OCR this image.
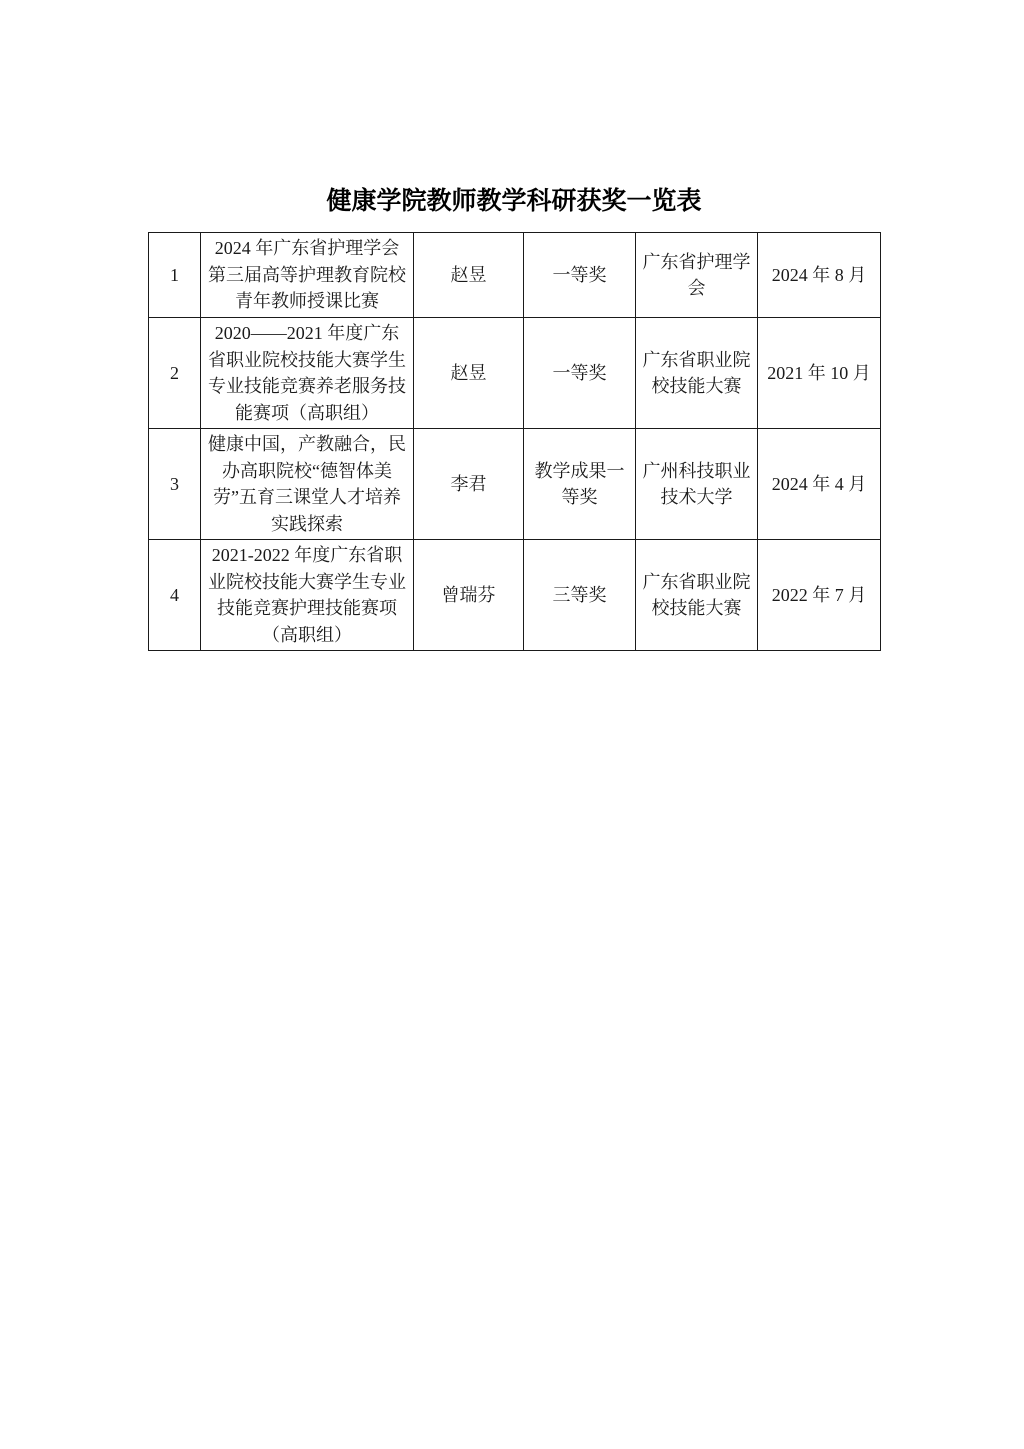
健康学院教师教学科研获奖一览表
1	2024 年广东省护理学会第三届高等护理教育院校青年教师授课比赛	赵昱	一等奖	广东省护理学会	2024 年 8 月
2	2020——2021 年度广东省职业院校技能大赛学生专业技能竞赛养老服务技能赛项（高职组）	赵昱	一等奖	广东省职业院校技能大赛	2021 年 10 月
3	健康中国，产教融合，民办高职院校“德智体美劳”五育三课堂人才培养实践探索	李君	教学成果一等奖	广州科技职业技术大学	2024 年 4 月
4	2021-2022 年度广东省职业院校技能大赛学生专业技能竞赛护理技能赛项（高职组）	曾瑞芬	三等奖	广东省职业院校技能大赛	2022 年 7 月
